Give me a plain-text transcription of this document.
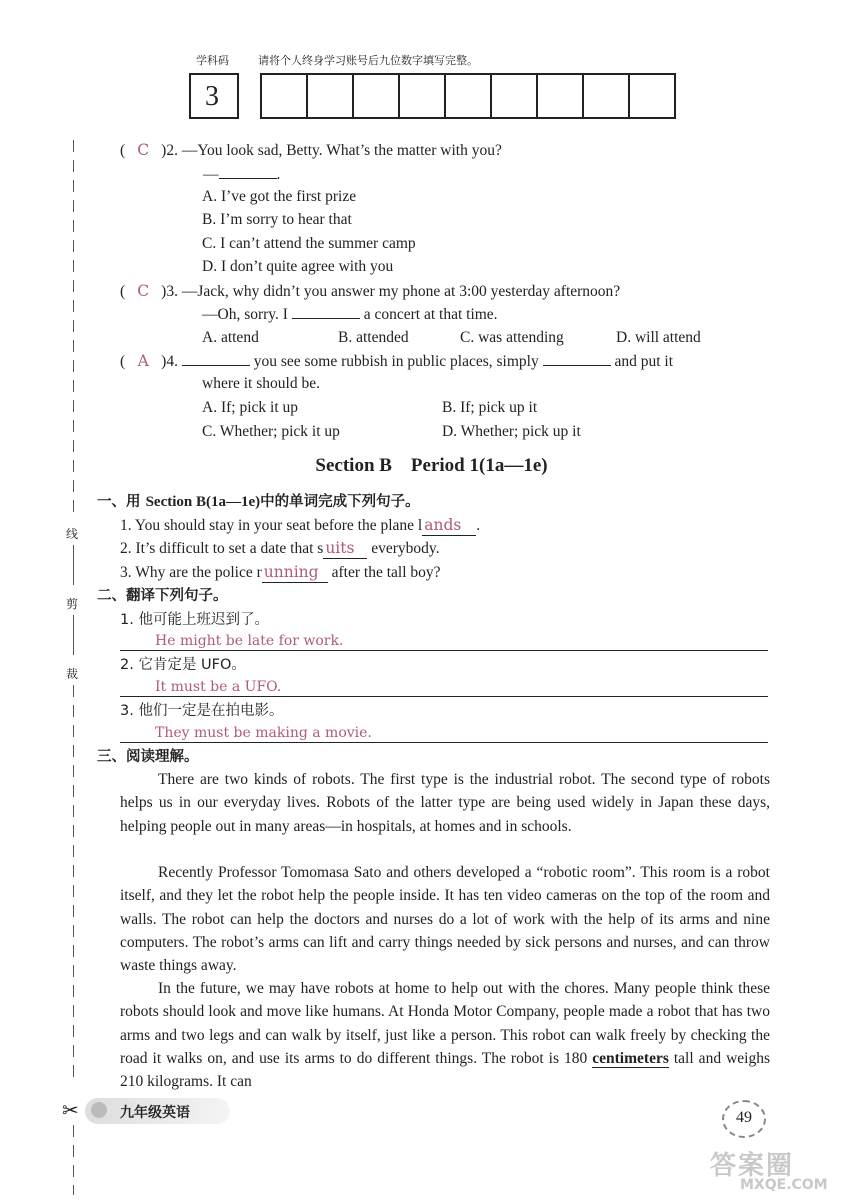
学科码	请将个人终身学习账号后九位数字填写完整。
3
线
剪
裁
✂
( C )2. —You look sad, Betty. What’s the matter with you?
—	.
A. I’ve got the first prize
B. I’m sorry to hear that
C. I can’t attend the summer camp
D. I don’t quite agree with you
( C )3. —Jack, why didn’t you answer my phone at 3:00 yesterday afternoon?
—Oh, sorry. I	a concert at that time.
A. attend	B. attended	C. was attending	D. will attend
( A )4.	you see some rubbish in public places, simply	and put it
where it should be.
A. If; pick it up	B. If; pick up it
C. Whether; pick it up	D. Whether; pick up it
Section B    Period 1(1a—1e)
一、用 Section B(1a—1e)中的单词完成下列句子。
1. You should stay in your seat before the plane l ands .
2. It’s difficult to set a date that s uits everybody.
3. Why are the police r unning after the tall boy?
二、翻译下列句子。
1. 他可能上班迟到了。
He might be late for work.
2. 它肯定是 UFO。
It must be a UFO.
3. 他们一定是在拍电影。
They must be making a movie.
三、阅读理解。
There are two kinds of robots. The first type is the industrial robot. The second type of robots helps us in our everyday lives. Robots of the latter type are being used widely in Japan these days, helping people out in many areas—in hospitals, at homes and in schools.
Recently Professor Tomomasa Sato and others developed a “robotic room”. This room is a robot itself, and they let the robot help the people inside. It has ten video cameras on the top of the room and walls. The robot can help the doctors and nurses do a lot of work with the help of its arms and nine computers. The robot’s arms can lift and carry things needed by sick persons and nurses, and can throw waste things away.
In the future, we may have robots at home to help out with the chores. Many people think these robots should look and move like humans. At Honda Motor Company, people made a robot that has two arms and two legs and can walk by itself, just like a person. This robot can walk freely by checking the road it walks on, and use its arms to do different things. The robot is 180 centimeters tall and weighs 210 kilograms. It can
九年级英语	49
答案圈
MXQE.COM
